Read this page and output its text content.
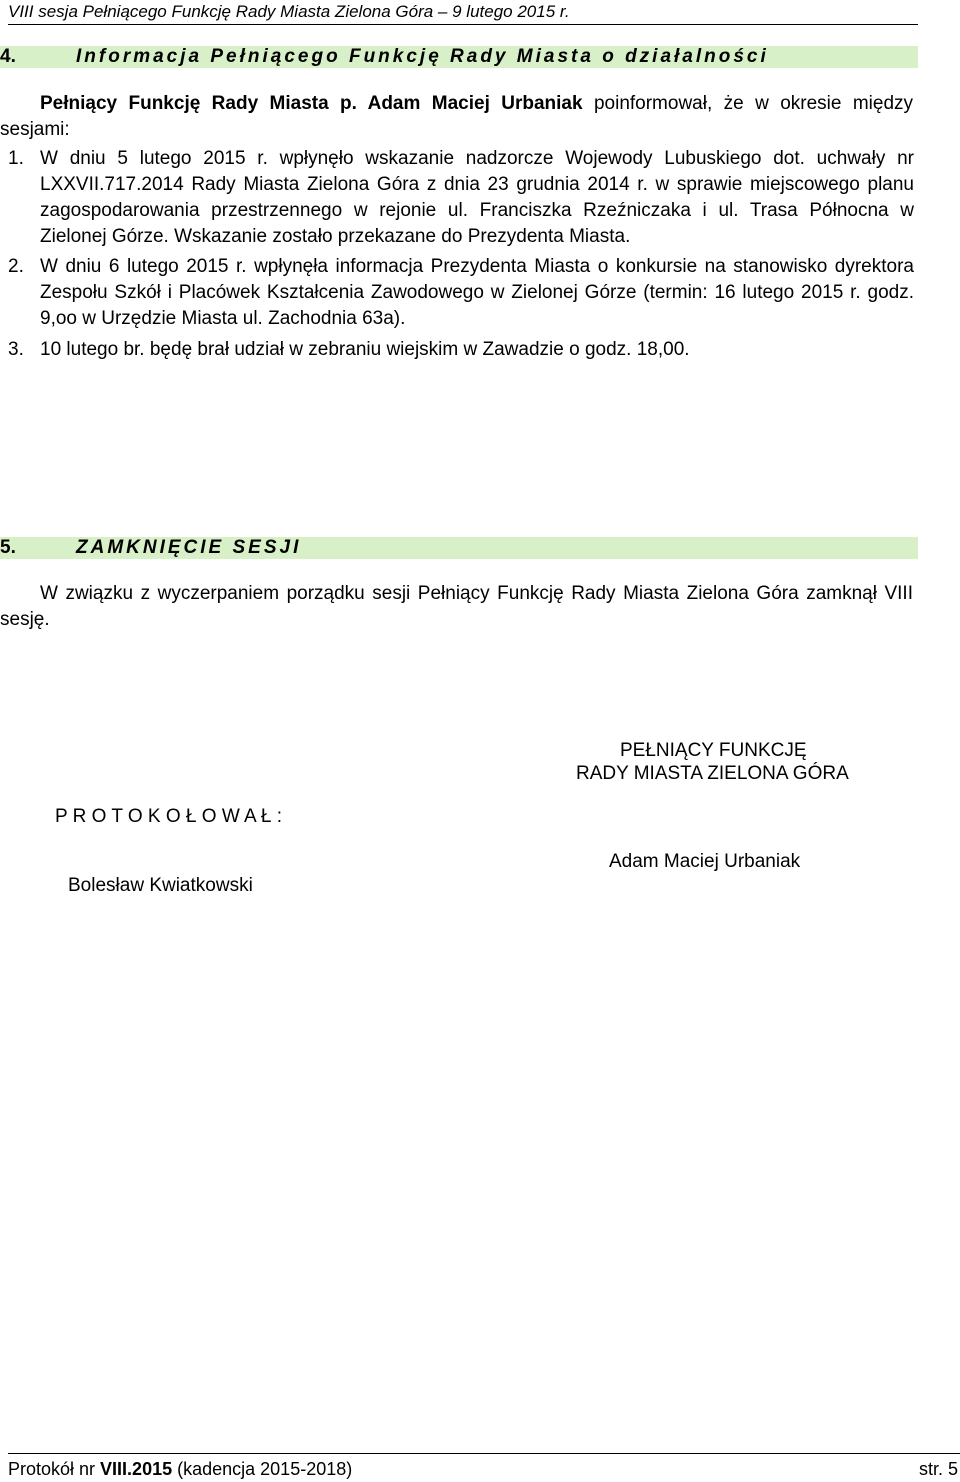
VIII sesja Pełniącego Funkcję Rady Miasta Zielona Góra – 9 lutego 2015 r.
4.	Informacja Pełniącego Funkcję Rady Miasta o działalności

Pełniący Funkcję Rady Miasta p. Adam Maciej Urbaniak poinformował, że w okresie między sesjami:

1. W dniu 5 lutego 2015 r. wpłynęło wskazanie nadzorcze Wojewody Lubuskiego dot. uchwały nr LXXVII.717.2014 Rady Miasta Zielona Góra z dnia 23 grudnia 2014 r. w sprawie miejscowego planu zagospodarowania przestrzennego w rejonie ul. Franciszka Rzeźniczaka i ul. Trasa Północna w Zielonej Górze. Wskazanie zostało przekazane do Prezydenta Miasta.
2. W dniu 6 lutego 2015 r. wpłynęła informacja Prezydenta Miasta o konkursie na stanowisko dyrektora Zespołu Szkół i Placówek Kształcenia Zawodowego w Zielonej Górze (termin: 16 lutego 2015 r. godz. 9,oo w Urzędzie Miasta ul. Zachodnia 63a).
3. 10 lutego br. będę brał udział w zebraniu wiejskim w Zawadzie o godz. 18,00.
5.	ZAMKNIĘCIE SESJI

W związku z wyczerpaniem porządku sesji Pełniący Funkcję Rady Miasta Zielona Góra zamknął VIII sesję.

PEŁNIĄCY FUNKCJĘ
RADY MIASTA ZIELONA GÓRA
P R O T O K O Ł O W A Ł :
Adam Maciej Urbaniak
Bolesław Kwiatkowski
Protokół nr VIII.2015 (kadencja 2015-2018)	str. 5
